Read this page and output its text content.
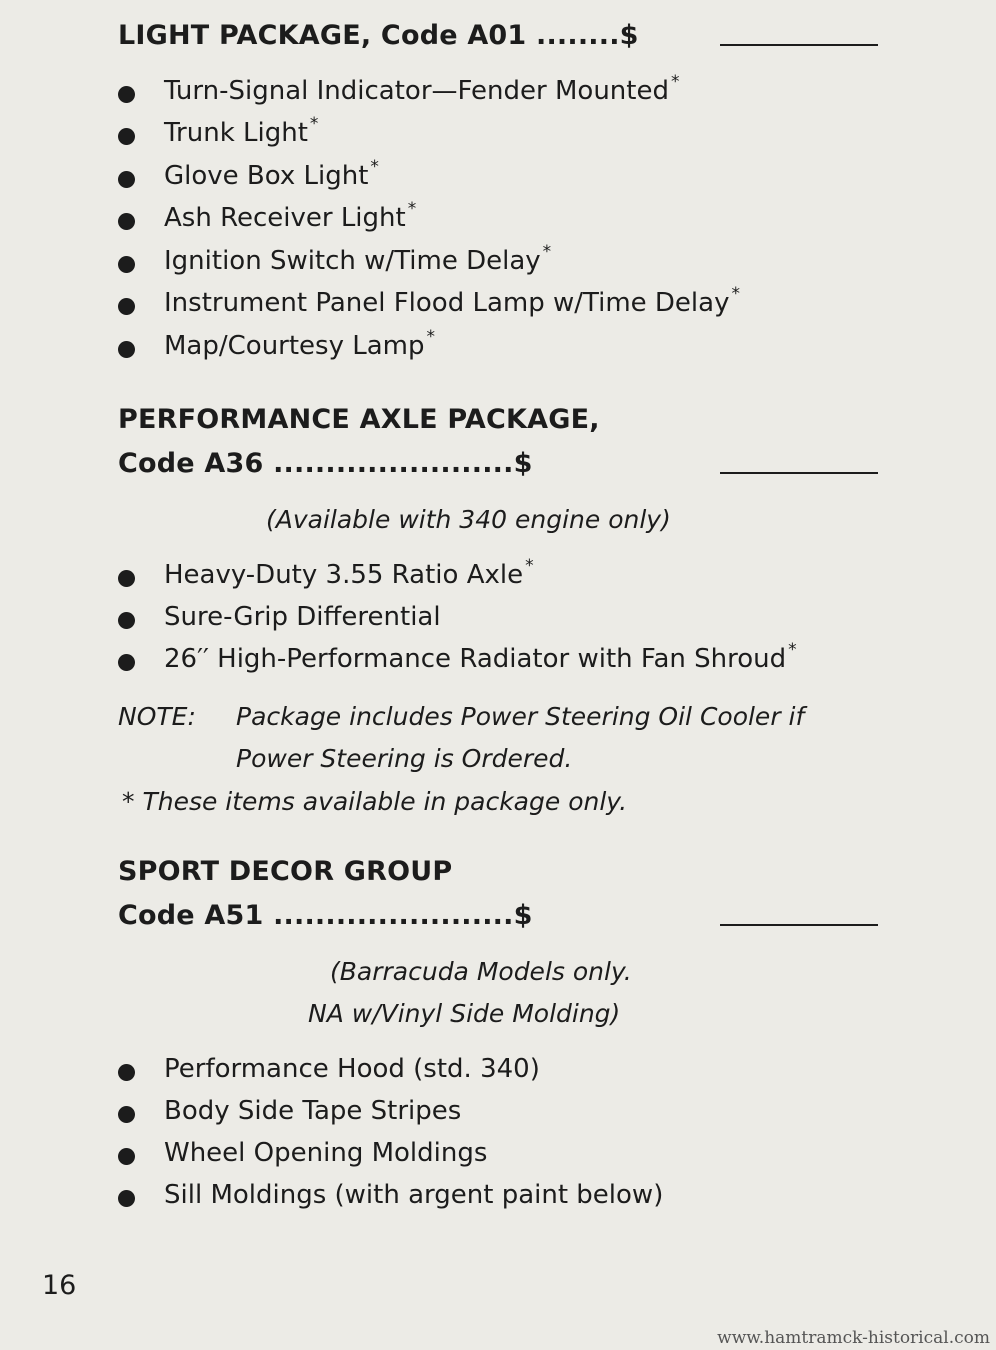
LIGHT PACKAGE, Code A01 ........$
Turn-Signal Indicator—Fender Mounted *
Trunk Light *
Glove Box Light *
Ash Receiver Light *
Ignition Switch w/Time Delay *
Instrument Panel Flood Lamp w/Time Delay *
Map/Courtesy Lamp *
PERFORMANCE AXLE PACKAGE,
Code A36 .......................$
(Available with 340 engine only)
Heavy-Duty 3.55 Ratio Axle *
Sure-Grip Differential
26′′ High-Performance Radiator with Fan Shroud *
NOTE: Package includes Power Steering Oil Cooler if
Power Steering is Ordered.
* These items available in package only.
SPORT DECOR GROUP
Code A51 .......................$
(Barracuda Models only.
NA w/Vinyl Side Molding)
Performance Hood (std. 340)
Body Side Tape Stripes
Wheel Opening Moldings
Sill Moldings (with argent paint below)
16
www.hamtramck-historical.com
